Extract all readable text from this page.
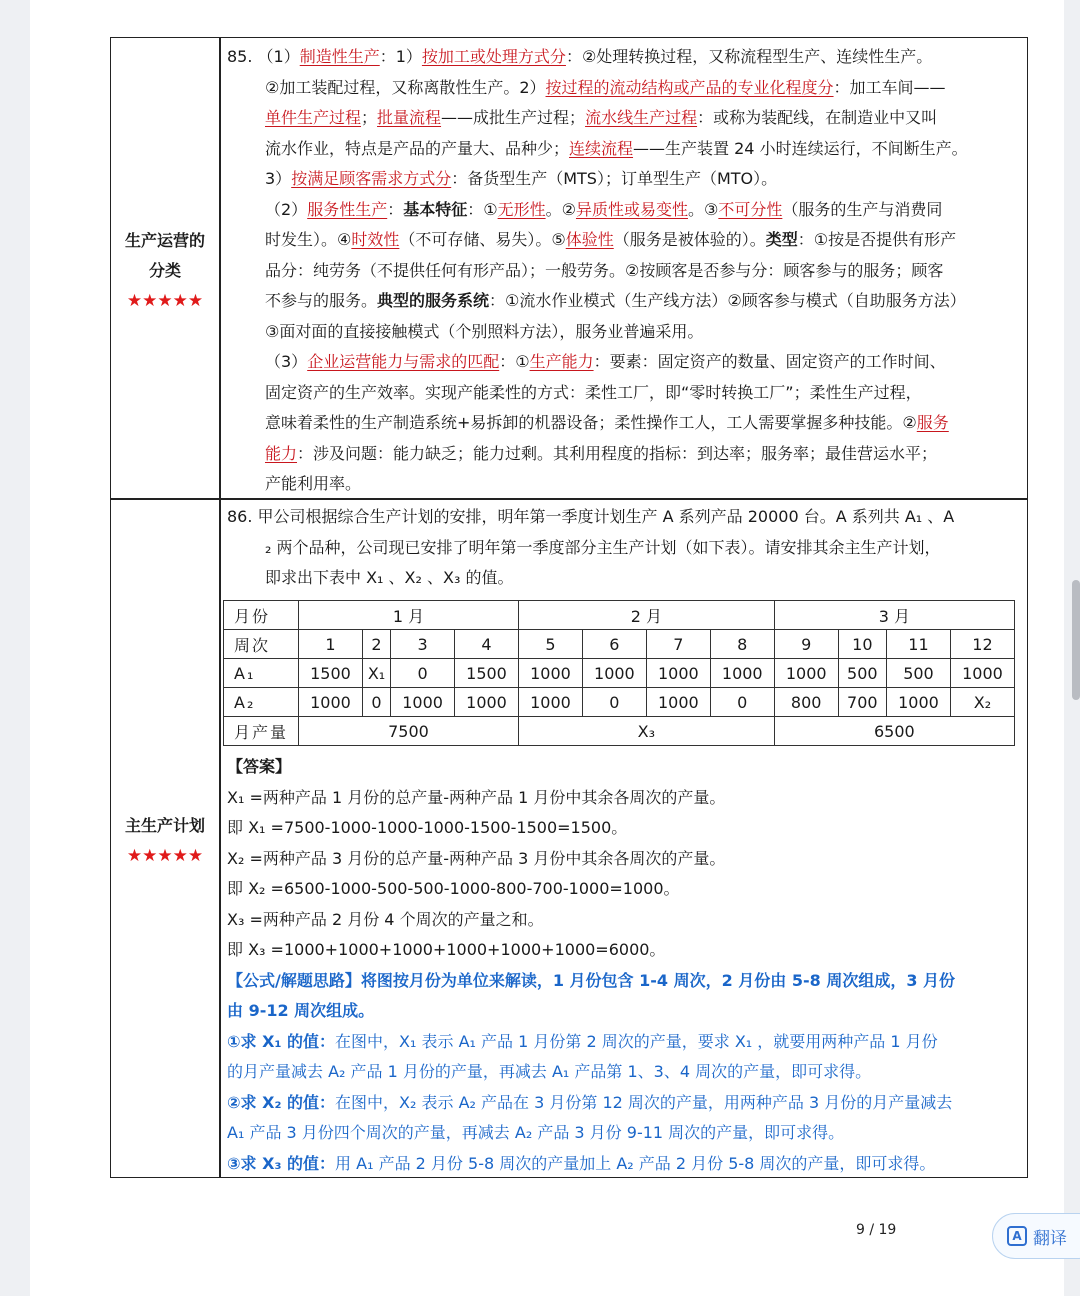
生产运营的
分类
★★★★★

85. （1）制造性生产：1）按加工或处理方式分：②处理转换过程，又称流程型生产、连续性生产。

②加工装配过程，又称离散性生产。2）按过程的流动结构或产品的专业化程度分：加工车间——

单件生产过程；批量流程——成批生产过程；流水线生产过程：或称为装配线，在制造业中又叫

流水作业，特点是产品的产量大、品种少；连续流程——生产装置 24 小时连续运行，不间断生产。

3）按满足顾客需求方式分：备货型生产（MTS）；订单型生产（MTO）。

（2）服务性生产：基本特征：①无形性。②异质性或易变性。③不可分性（服务的生产与消费同

时发生）。④时效性（不可存储、易失）。⑤体验性（服务是被体验的）。类型：①按是否提供有形产

品分：纯劳务（不提供任何有形产品）；一般劳务。②按顾客是否参与分：顾客参与的服务；顾客

不参与的服务。典型的服务系统：①流水作业模式（生产线方法）②顾客参与模式（自助服务方法）

③面对面的直接接触模式（个别照料方法），服务业普遍采用。

（3）企业运营能力与需求的匹配：①生产能力：要素：固定资产的数量、固定资产的工作时间、

固定资产的生产效率。实现产能柔性的方式：柔性工厂，即“零时转换工厂”；柔性生产过程，

意味着柔性的生产制造系统+易拆卸的机器设备；柔性操作工人，工人需要掌握多种技能。②服务

能力：涉及问题：能力缺乏；能力过剩。其利用程度的指标：到达率；服务率；最佳营运水平；

产能利用率。

主生产计划
★★★★★

86. 甲公司根据综合生产计划的安排，明年第一季度计划生产 A 系列产品 20000 台。A 系列共 A₁ 、A

₂ 两个品种，公司现已安排了明年第一季度部分主生产计划（如下表）。请安排其余主生产计划，

即求出下表中 X₁ 、X₂ 、X₃ 的值。

月份	1 月				2 月				3 月			
周次	1	2	3	4	5	6	7	8	9	10	11	12
A₁	1500	X₁	0	1500	1000	1000	1000	1000	1000	500	500	1000
A₂	1000	0	1000	1000	1000	0	1000	0	800	700	1000	X₂
月产量	7500				X₃				6500			

【答案】

X₁ =两种产品 1 月份的总产量-两种产品 1 月份中其余各周次的产量。

即 X₁ =7500-1000-1000-1000-1500-1500=1500。

X₂ =两种产品 3 月份的总产量-两种产品 3 月份中其余各周次的产量。

即 X₂ =6500-1000-500-500-1000-800-700-1000=1000。

X₃ =两种产品 2 月份 4 个周次的产量之和。

即 X₃ =1000+1000+1000+1000+1000+1000=6000。

【公式/解题思路】将图按月份为单位来解读，1 月份包含 1-4 周次，2 月份由 5-8 周次组成，3 月份

由 9-12 周次组成。

①求 X₁ 的值：在图中，X₁ 表示 A₁ 产品 1 月份第 2 周次的产量，要求 X₁ ，就要用两种产品 1 月份

的月产量减去 A₂ 产品 1 月份的产量，再减去 A₁ 产品第 1、3、4 周次的产量，即可求得。

②求 X₂ 的值：在图中，X₂ 表示 A₂ 产品在 3 月份第 12 周次的产量，用两种产品 3 月份的月产量减去

A₁ 产品 3 月份四个周次的产量，再减去 A₂ 产品 3 月份 9-11 周次的产量，即可求得。

③求 X₃ 的值：用 A₁ 产品 2 月份 5-8 周次的产量加上 A₂ 产品 2 月份 5-8 周次的产量，即可求得。

9 / 19	A 翻译
